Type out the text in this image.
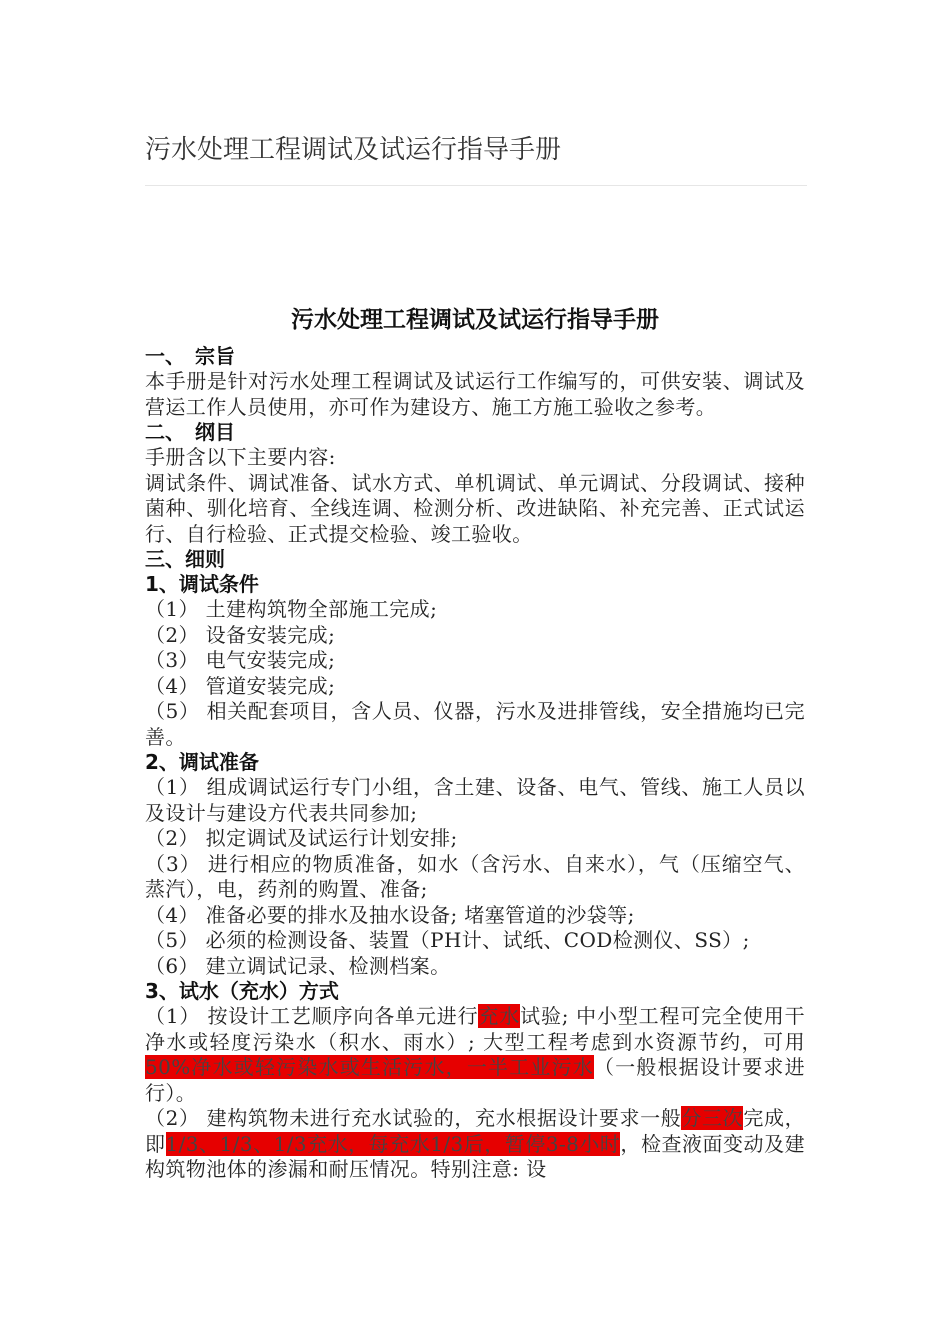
污水处理工程调试及试运行指导手册
污水处理工程调试及试运行指导手册
一、　宗旨
本手册是针对污水处理工程调试及试运行工作编写的，可供安装、调试及营运工作人员使用，亦可作为建设方、施工方施工验收之参考。
二、　纲目
手册含以下主要内容:
调试条件、调试准备、试水方式、单机调试、单元调试、分段调试、接种菌种、驯化培育、全线连调、检测分析、改进缺陷、补充完善、正式试运行、自行检验、正式提交检验、竣工验收。
三、细则
1、调试条件
（1） 土建构筑物全部施工完成;
（2） 设备安装完成;
（3） 电气安装完成;
（4） 管道安装完成;
（5） 相关配套项目，含人员、仪器，污水及进排管线，安全措施均已完善。
2、调试准备
（1） 组成调试运行专门小组，含土建、设备、电气、管线、施工人员以及设计与建设方代表共同参加;
（2） 拟定调试及试运行计划安排;
（3） 进行相应的物质准备，如水（含污水、自来水），气（压缩空气、蒸汽），电，药剂的购置、准备;
（4） 准备必要的排水及抽水设备; 堵塞管道的沙袋等;
（5） 必须的检测设备、装置（PH计、试纸、COD检测仪、SS）;
（6） 建立调试记录、检测档案。
3、试水（充水）方式
（1） 按设计工艺顺序向各单元进行充水试验; 中小型工程可完全使用干净水或轻度污染水（积水、雨水）; 大型工程考虑到水资源节约，可用50%净水或轻污染水或生活污水，一半工业污水（一般根据设计要求进行）。
（2） 建构筑物未进行充水试验的，充水根据设计要求一般分三次完成，即1/3、1/3、1/3充水，每充水1/3后，暂停3-8小时，检查液面变动及建构筑物池体的渗漏和耐压情况。特别注意: 设
